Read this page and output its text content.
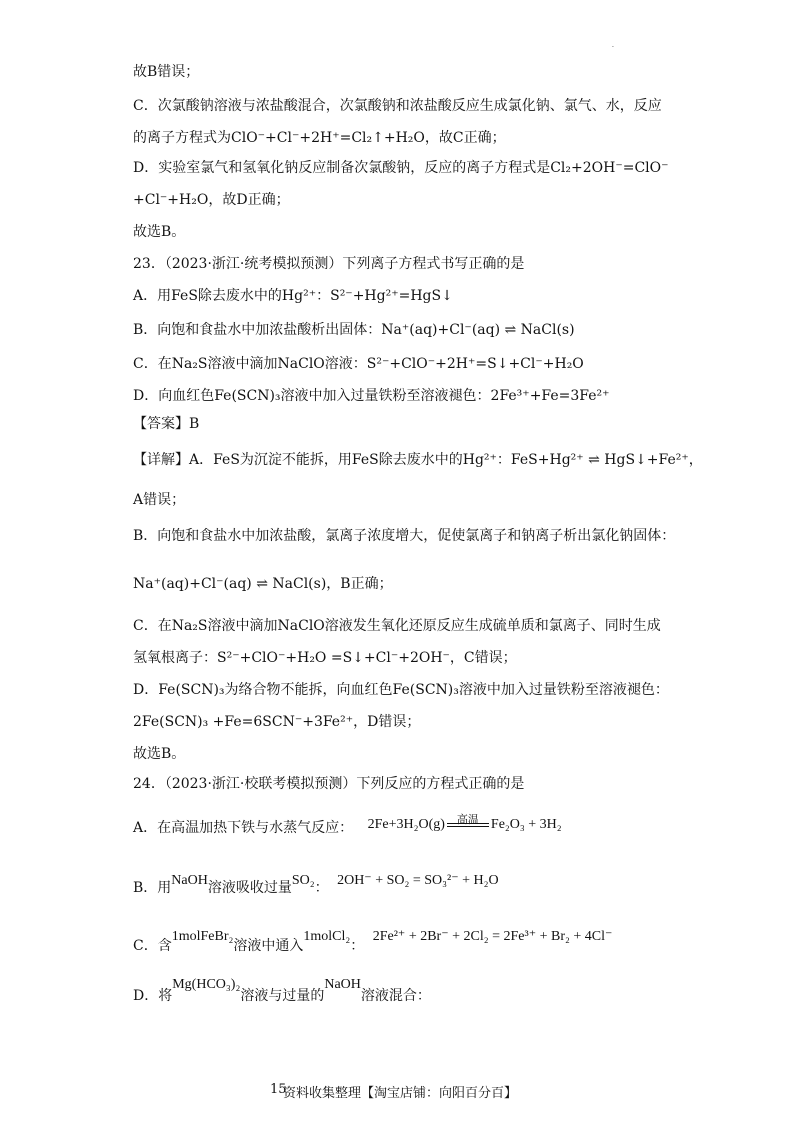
·
故B错误；
C．次氯酸钠溶液与浓盐酸混合，次氯酸钠和浓盐酸反应生成氯化钠、氯气、水，反应
的离子方程式为ClO⁻+Cl⁻+2H⁺=Cl₂↑+H₂O，故C正确；
D．实验室氯气和氢氧化钠反应制备次氯酸钠，反应的离子方程式是Cl₂+2OH⁻=ClO⁻
+Cl⁻+H₂O，故D正确；
故选B。
23．（2023·浙江·统考模拟预测）下列离子方程式书写正确的是
A．用FeS除去废水中的Hg²⁺：S²⁻+Hg²⁺=HgS↓
B．向饱和食盐水中加浓盐酸析出固体：Na⁺(aq)+Cl⁻(aq) ⇌ NaCl(s)
C．在Na₂S溶液中滴加NaClO溶液：S²⁻+ClO⁻+2H⁺=S↓+Cl⁻+H₂O
D．向血红色Fe(SCN)₃溶液中加入过量铁粉至溶液褪色：2Fe³⁺+Fe=3Fe²⁺
【答案】B
【详解】A．FeS为沉淀不能拆，用FeS除去废水中的Hg²⁺：FeS+Hg²⁺ ⇌ HgS↓+Fe²⁺，
A错误；
B．向饱和食盐水中加浓盐酸，氯离子浓度增大，促使氯离子和钠离子析出氯化钠固体：
Na⁺(aq)+Cl⁻(aq) ⇌ NaCl(s)，B正确；
C．在Na₂S溶液中滴加NaClO溶液发生氧化还原反应生成硫单质和氯离子、同时生成
氢氧根离子：S²⁻+ClO⁻+H₂O =S↓+Cl⁻+2OH⁻，C错误；
D．Fe(SCN)₃为络合物不能拆，向血红色Fe(SCN)₃溶液中加入过量铁粉至溶液褪色：
2Fe(SCN)₃ +Fe=6SCN⁻+3Fe²⁺，D错误；
故选B。
24．（2023·浙江·校联考模拟预测）下列反应的方程式正确的是
A．在高温加热下铁与水蒸气反应： 2Fe+3H₂O(g)	高温 Fe₂O₃ + 3H₂
B．用NaOH溶液吸收过量SO₂： 2OH⁻ + SO₂ = SO₃²⁻ + H₂O
C．含1molFeBr₂溶液中通入1molCl₂： 2Fe²⁺ + 2Br⁻ + 2Cl₂ = 2Fe³⁺ + Br₂ + 4Cl⁻
D．将Mg(HCO₃)₂溶液与过量的NaOH溶液混合：
15
资料收集整理【淘宝店铺：向阳百分百】
